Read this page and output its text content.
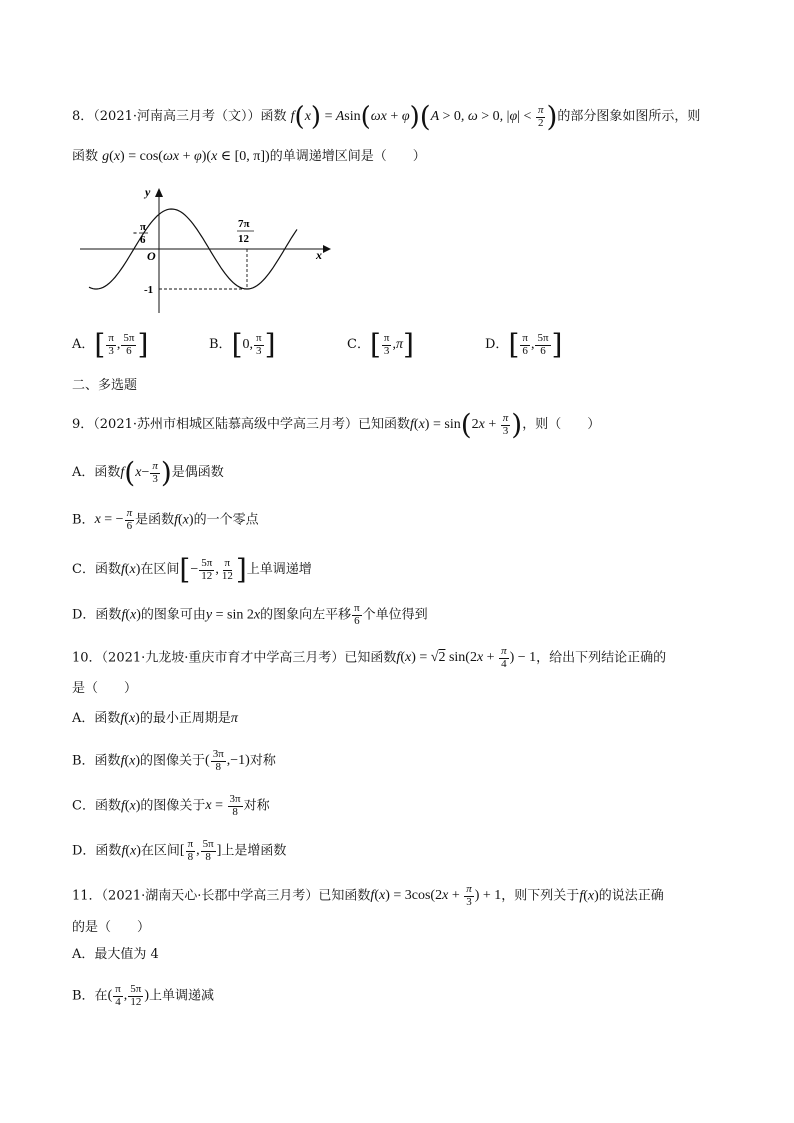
8．（2021·河南高三月考（文））函数 f(x) = Asin(ωx + φ)(A > 0, ω > 0, $|\varphi| < \frac{\pi}{2}$ )的部分图象如图所示，则
函数 g(x) = cos(ωx + φ)(x ∈ [0, π])的单调递增区间是（　　）
y
x
O
- π
6
7π
12
-1
A．[ $\frac{\pi}{3}$ , $\frac{5\pi}{6}$ ]	B．[0, $\frac{\pi}{3}$ ]	C．[ $\frac{\pi}{3} ,\pi$]	D．[ $\frac{\pi}{6}$ , $\frac{5\pi}{6}$ ]
二、多选题
9．（2021·苏州市相城区陆慕高级中学高三月考）已知函数$f(x) = \sin(2x + \frac{\pi}{3}$ )，则（　　）
A．函数$f(x- \frac{\pi}{3}$ )是偶函数
B．x = − $\frac{\pi}{6}$ 是函数f(x)的一个零点
C．函数f(x)在区间[− $\frac{5\pi}{12}$ , $\frac{\pi}{12}$ ]上单调递增
D．函数f(x)的图象可由y = sin 2x的图象向左平移 $\frac{\pi}{6}$ 个单位得到
10．（2021·九龙坡·重庆市育才中学高三月考）已知函数f(x) = √2 $\sin(2x + \frac{\pi}{4}$ ) − 1，给出下列结论正确的
是（　　）
A．函数f(x)的最小正周期是π
B．函数f(x)的图像关于( $\frac{3\pi}{8} ,-1$)对称
C．函数f(x)的图像关于$x = \frac{3\pi}{8}$ 对称
D．函数f(x)在区间[ $\frac{\pi}{8}$ , $\frac{5\pi}{8}$ ]上是增函数
11．（2021·湖南天心·长郡中学高三月考）已知函数$f(x) = 3\cos(2x + \frac{\pi}{3}$ ) + 1，则下列关于f(x)的说法正确
的是（　　）
A．最大值为 4
B．在( $\frac{\pi}{4}$ , $\frac{5\pi}{12}$ )上单调递减
